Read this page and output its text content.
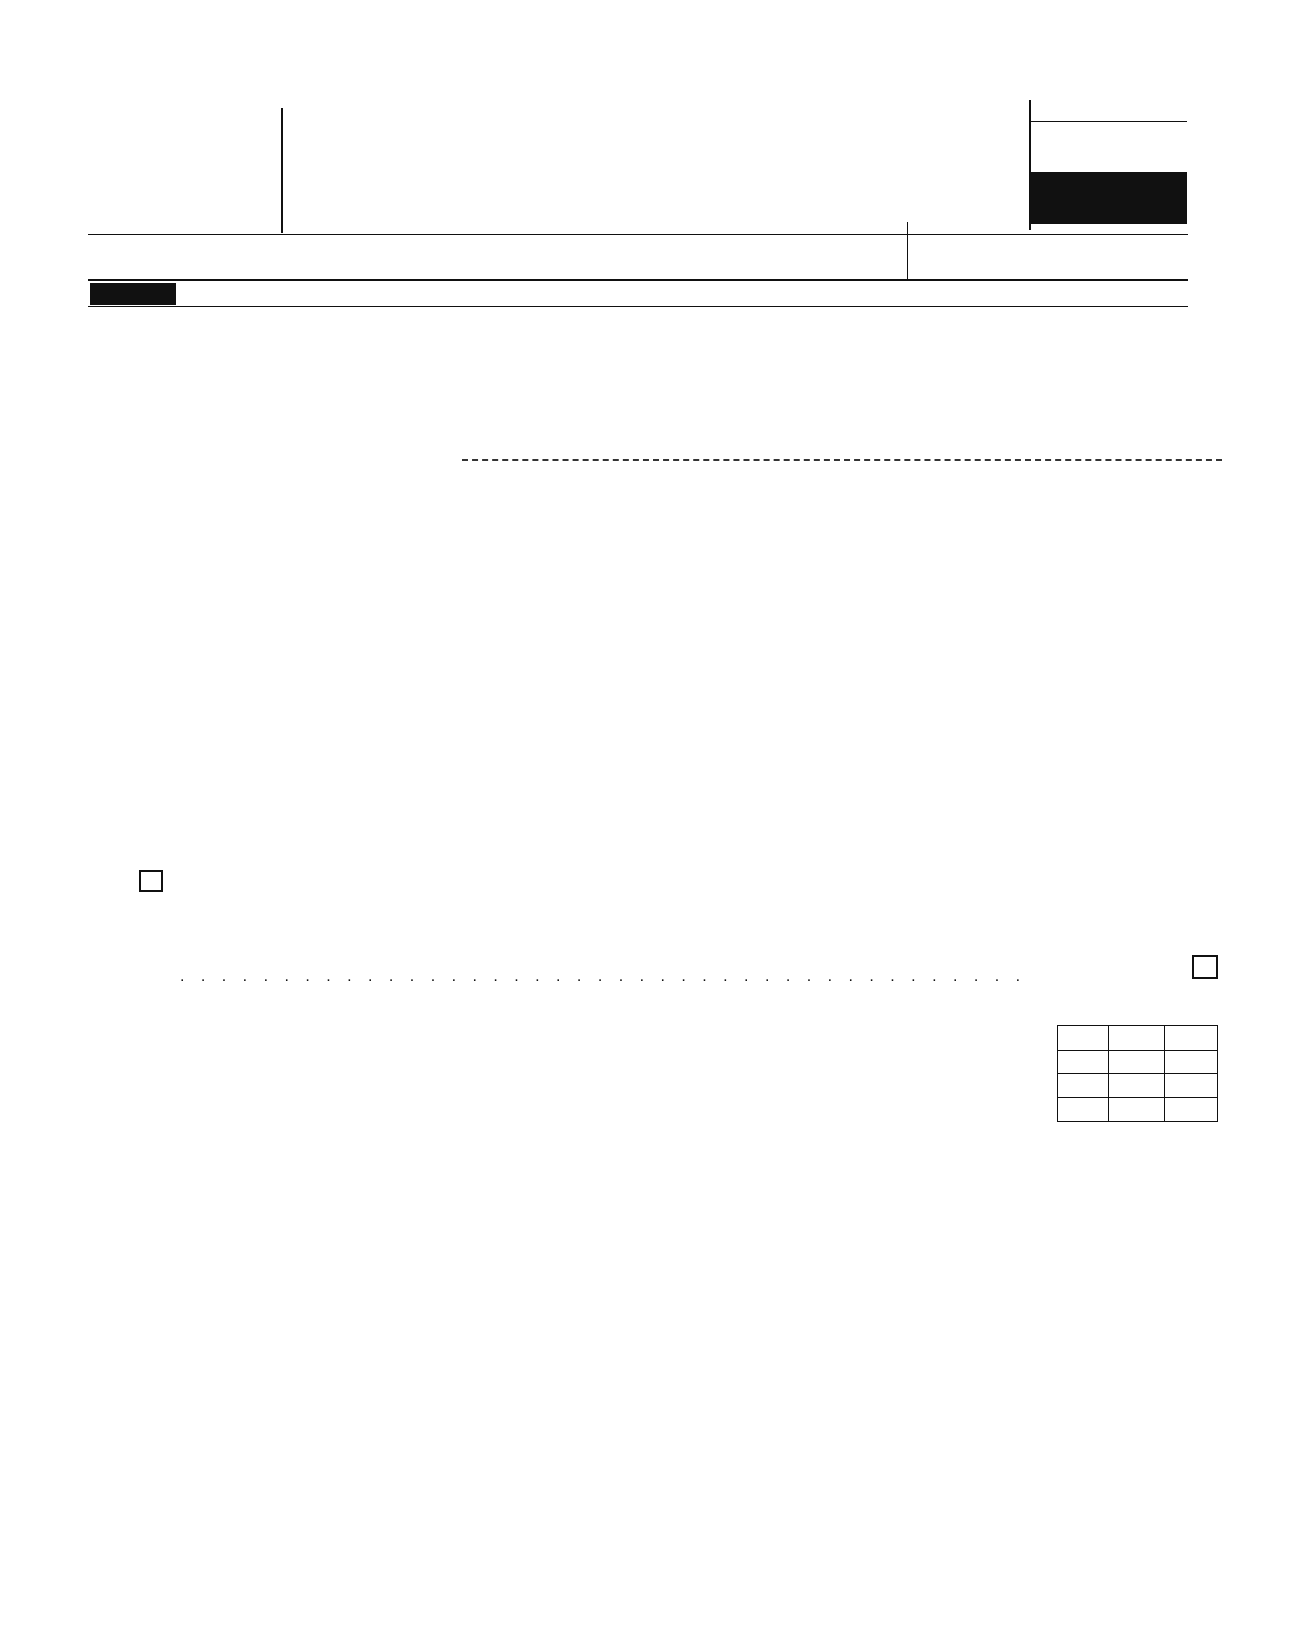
. . . . . . . . . . . . . . . . . . . . . . . . . . . . . . . . . . . . . . . . .
